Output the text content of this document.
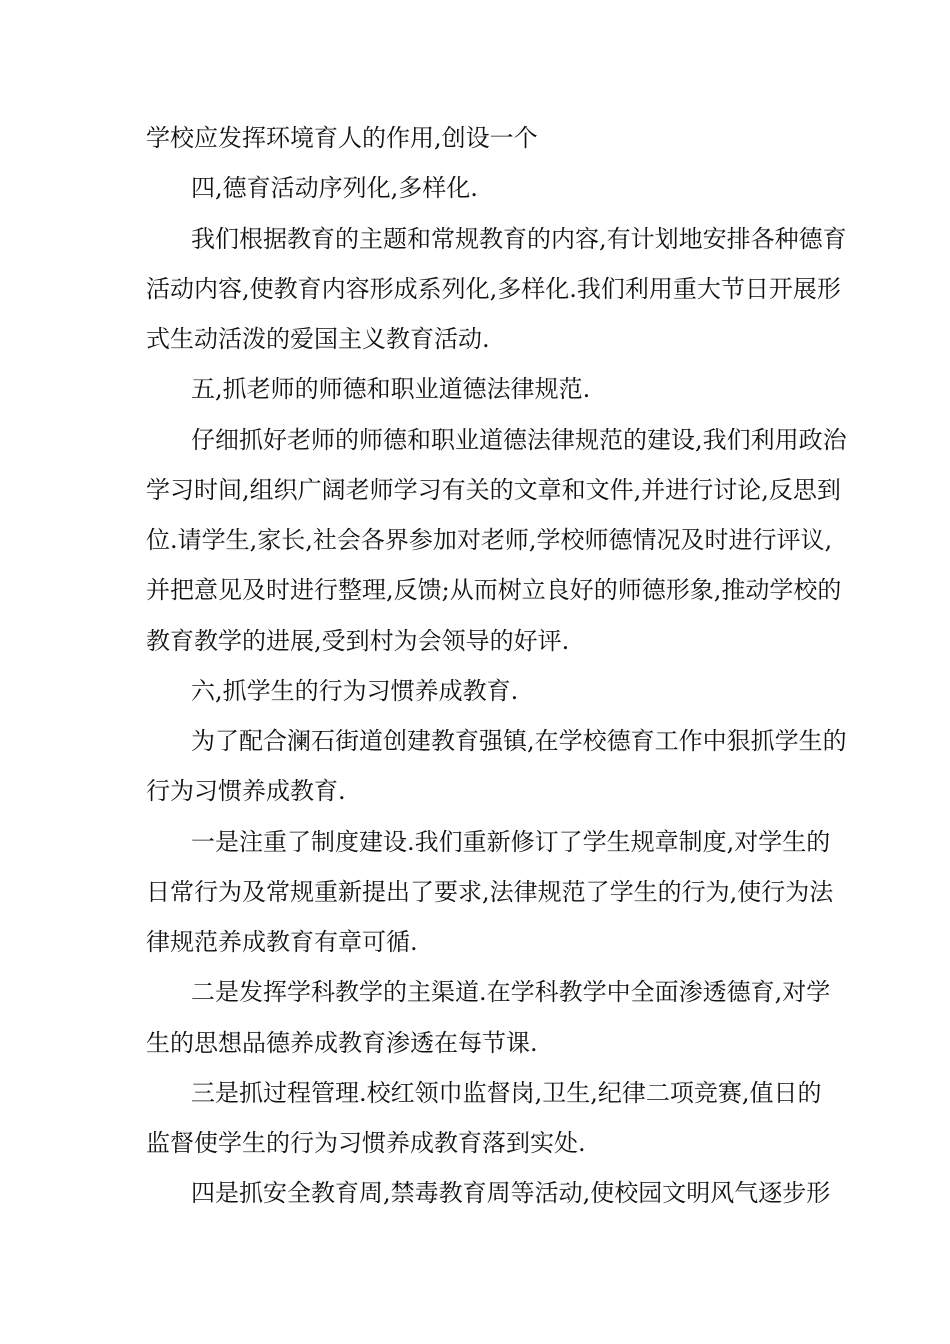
学校应发挥环境育人的作用,创设一个
四,德育活动序列化,多样化.
我们根据教育的主题和常规教育的内容,有计划地安排各种德育
活动内容,使教育内容形成系列化,多样化.我们利用重大节日开展形
式生动活泼的爱国主义教育活动.
五,抓老师的师德和职业道德法律规范.
仔细抓好老师的师德和职业道德法律规范的建设,我们利用政治
学习时间,组织广阔老师学习有关的文章和文件,并进行讨论,反思到
位.请学生,家长,社会各界参加对老师,学校师德情况及时进行评议,
并把意见及时进行整理,反馈;从而树立良好的师德形象,推动学校的
教育教学的进展,受到村为会领导的好评.
六,抓学生的行为习惯养成教育.
为了配合澜石街道创建教育强镇,在学校德育工作中狠抓学生的
行为习惯养成教育.
一是注重了制度建设.我们重新修订了学生规章制度,对学生的
日常行为及常规重新提出了要求,法律规范了学生的行为,使行为法
律规范养成教育有章可循.
二是发挥学科教学的主渠道.在学科教学中全面渗透德育,对学
生的思想品德养成教育渗透在每节课.
三是抓过程管理.校红领巾监督岗,卫生,纪律二项竞赛,值日的
监督使学生的行为习惯养成教育落到实处.
四是抓安全教育周,禁毒教育周等活动,使校园文明风气逐步形
